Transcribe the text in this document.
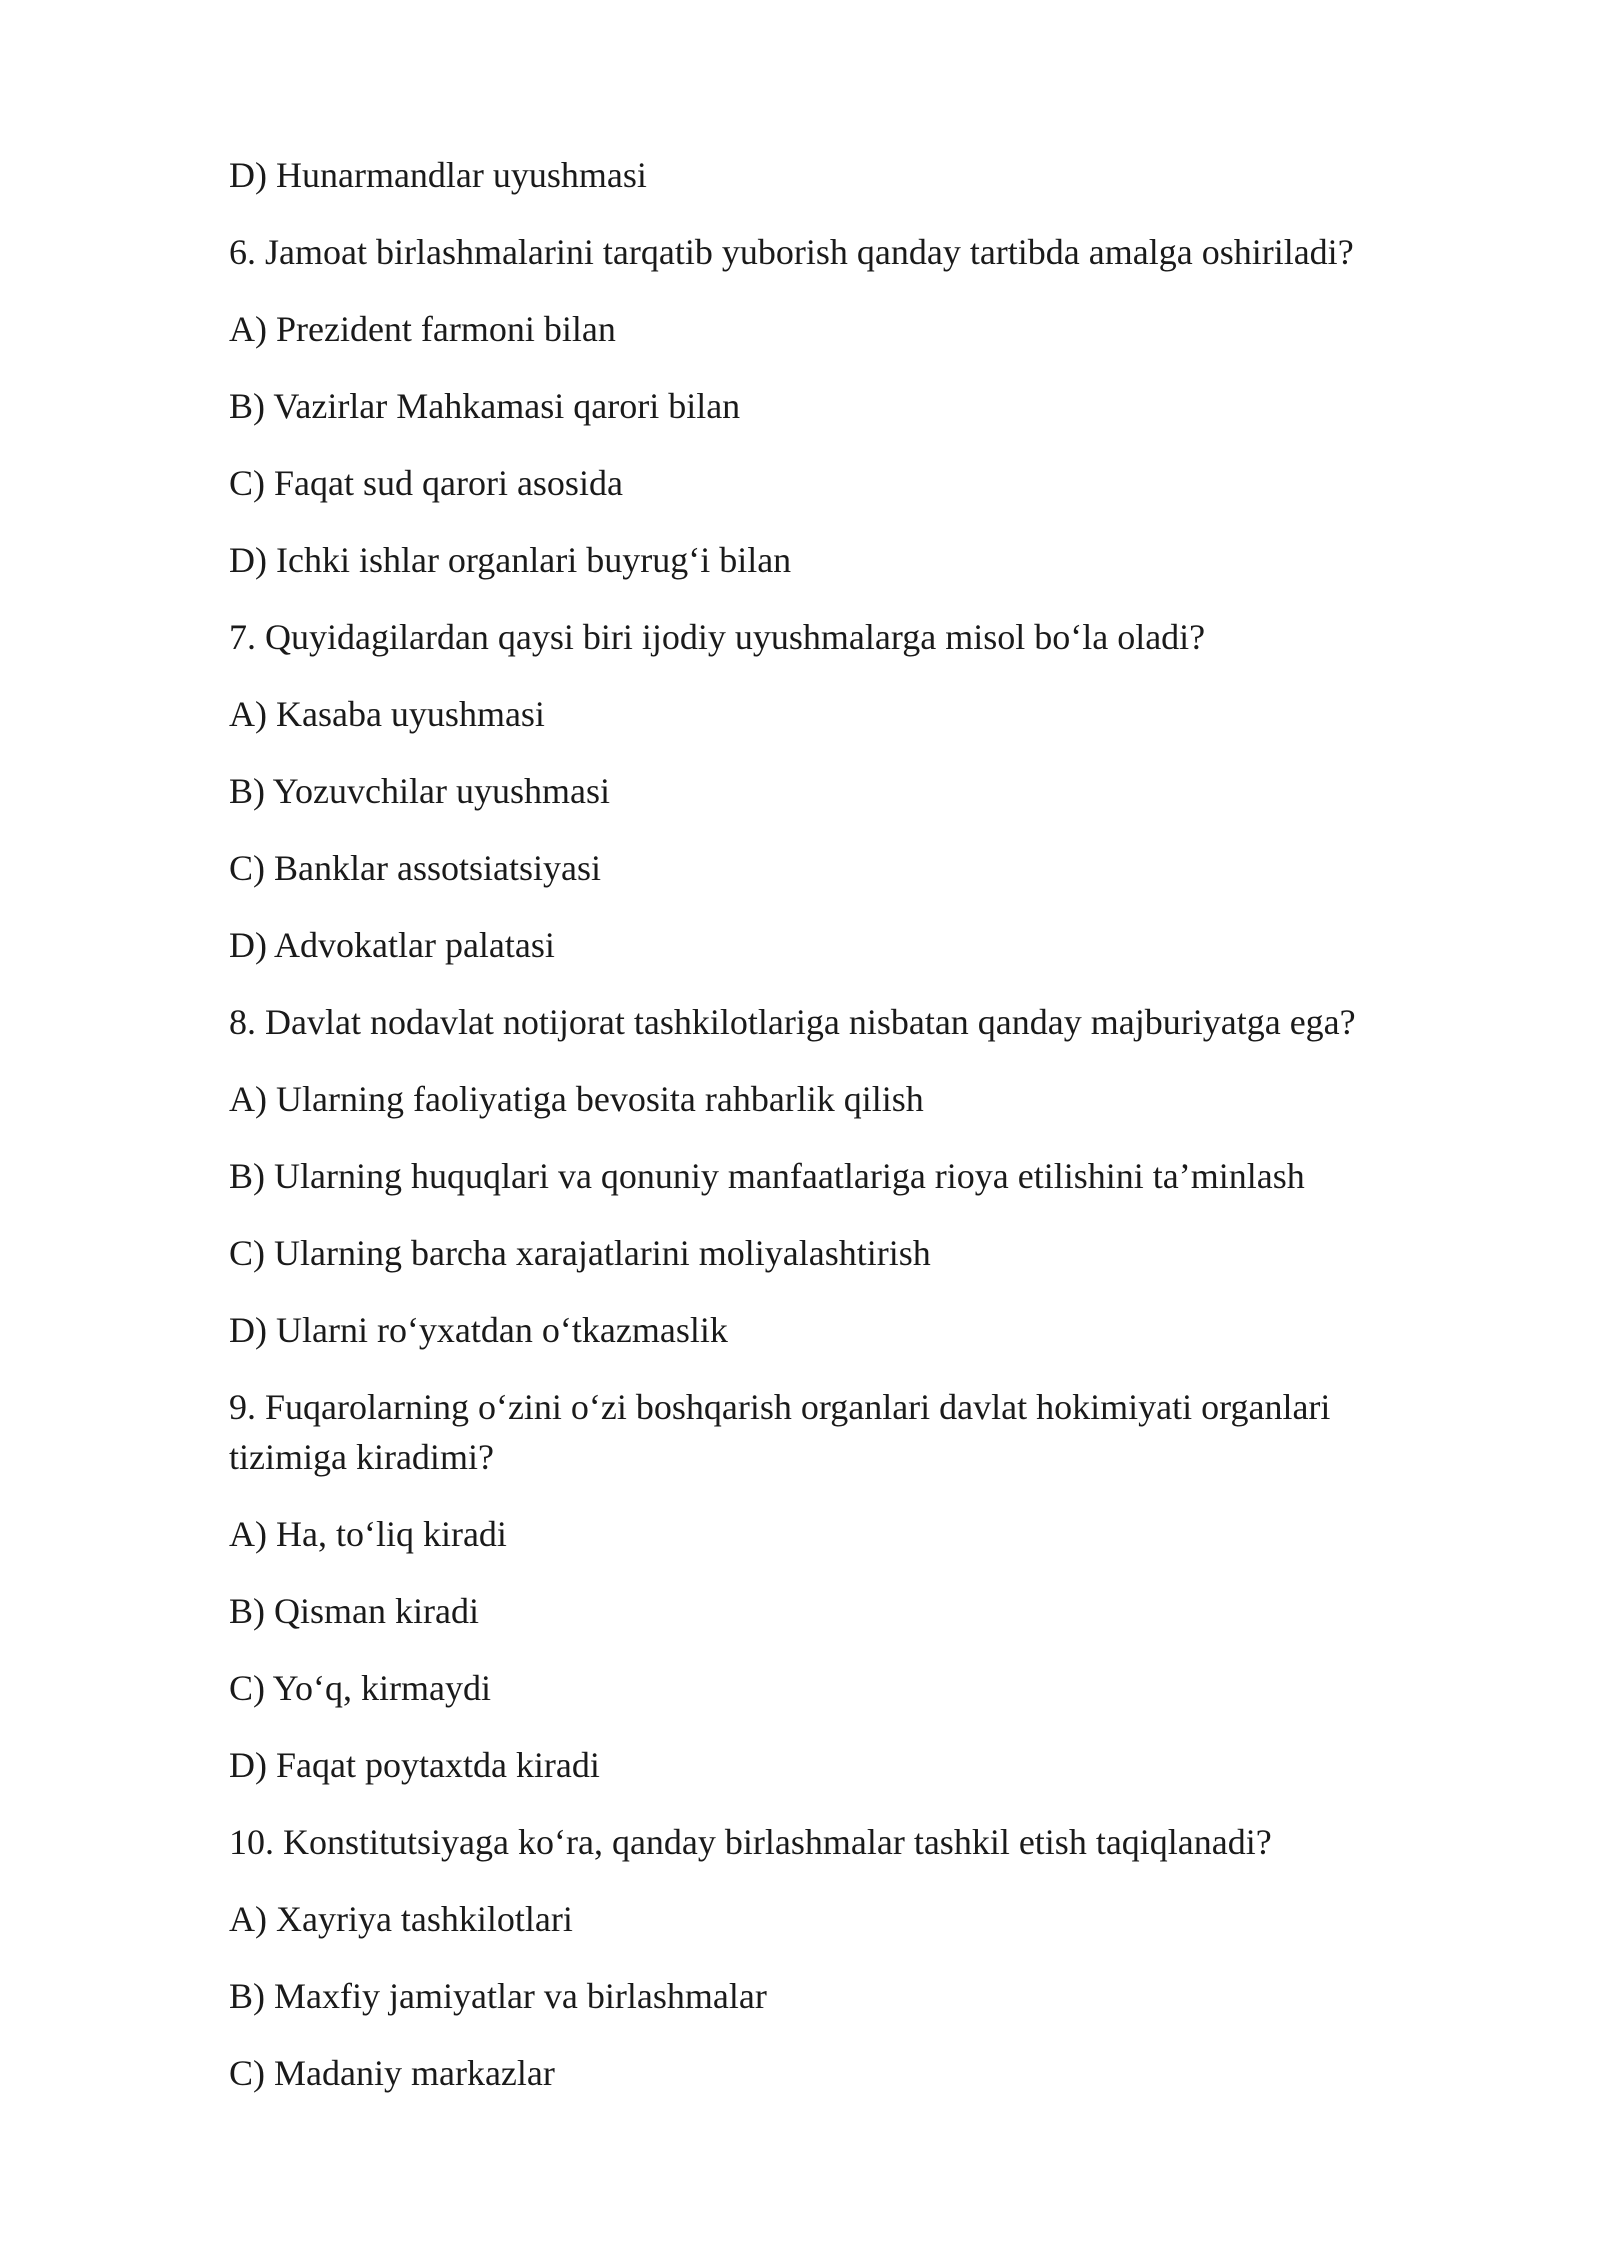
D) Hunarmandlar uyushmasi
6. Jamoat birlashmalarini tarqatib yuborish qanday tartibda amalga oshiriladi?
A) Prezident farmoni bilan
B) Vazirlar Mahkamasi qarori bilan
C) Faqat sud qarori asosida
D) Ichki ishlar organlari buyrug‘i bilan
7. Quyidagilardan qaysi biri ijodiy uyushmalarga misol bo‘la oladi?
A) Kasaba uyushmasi
B) Yozuvchilar uyushmasi
C) Banklar assotsiatsiyasi
D) Advokatlar palatasi
8. Davlat nodavlat notijorat tashkilotlariga nisbatan qanday majburiyatga ega?
A) Ularning faoliyatiga bevosita rahbarlik qilish
B) Ularning huquqlari va qonuniy manfaatlariga rioya etilishini ta’minlash
C) Ularning barcha xarajatlarini moliyalashtirish
D) Ularni ro‘yxatdan o‘tkazmaslik
9. Fuqarolarning o‘zini o‘zi boshqarish organlari davlat hokimiyati organlari
tizimiga kiradimi?
A) Ha, to‘liq kiradi
B) Qisman kiradi
C) Yo‘q, kirmaydi
D) Faqat poytaxtda kiradi
10. Konstitutsiyaga ko‘ra, qanday birlashmalar tashkil etish taqiqlanadi?
A) Xayriya tashkilotlari
B) Maxfiy jamiyatlar va birlashmalar
C) Madaniy markazlar
